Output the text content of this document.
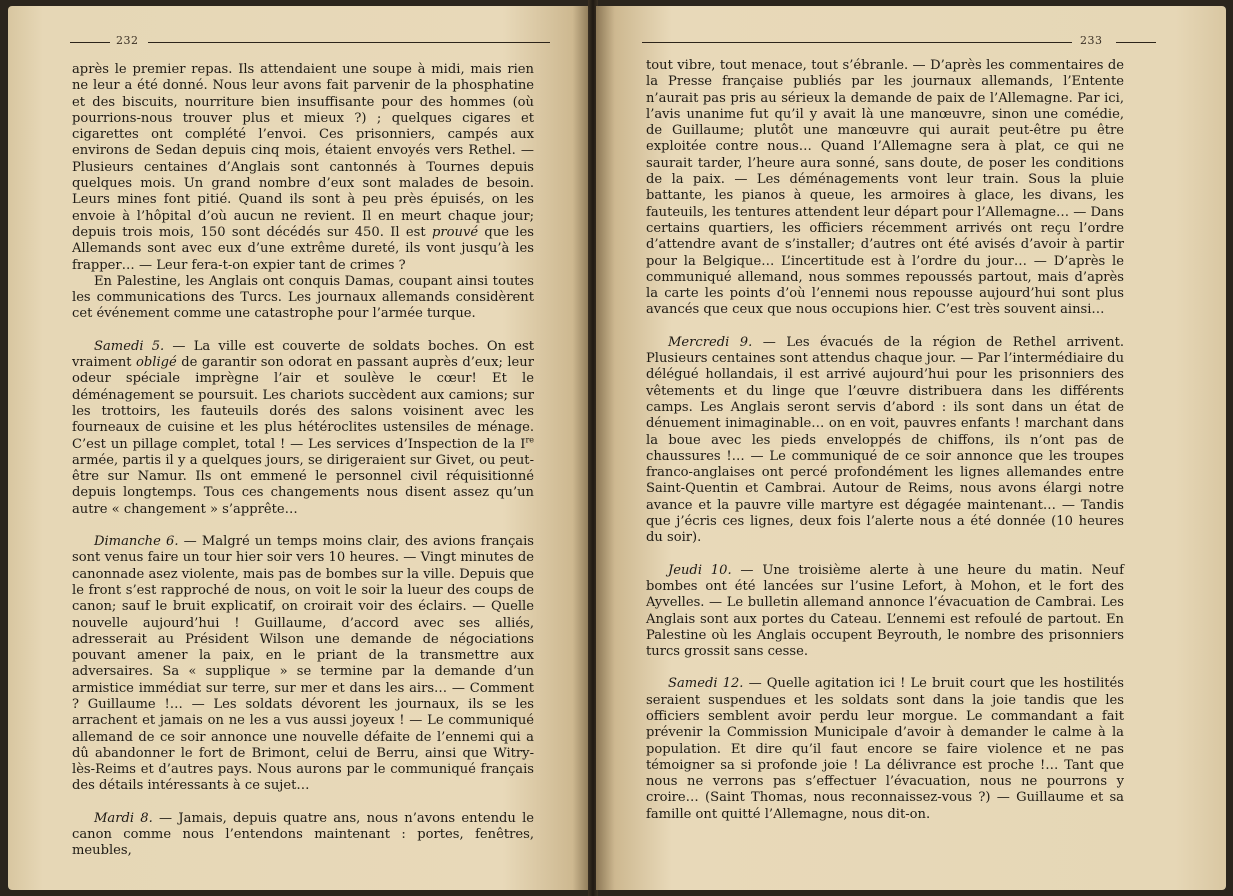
232

après le premier repas. Ils attendaient une soupe à midi, mais rien ne leur a été donné. Nous leur avons fait parvenir de la phosphatine et des biscuits, nourriture bien insuffisante pour des hommes (où pourrions-nous trouver plus et mieux ?) ; quelques cigares et cigarettes ont complété l’envoi. Ces prisonniers, campés aux environs de Sedan depuis cinq mois, étaient envoyés vers Rethel. — Plusieurs centaines d’Anglais sont cantonnés à Tournes depuis quelques mois. Un grand nombre d’eux sont malades de besoin. Leurs mines font pitié. Quand ils sont à peu près épuisés, on les envoie à l’hôpital d’où aucun ne revient. Il en meurt chaque jour; depuis trois mois, 150 sont décédés sur 450. Il est prouvé que les Allemands sont avec eux d’une extrême dureté, ils vont jusqu’à les frapper… — Leur fera-t-on expier tant de crimes ?

En Palestine, les Anglais ont conquis Damas, coupant ainsi toutes les communications des Turcs. Les journaux allemands considèrent cet événement comme une catastrophe pour l’armée turque.

Samedi 5. — La ville est couverte de soldats boches. On est vraiment obligé de garantir son odorat en passant auprès d’eux; leur odeur spéciale imprègne l’air et soulève le cœur! Et le déménagement se poursuit. Les chariots succèdent aux camions; sur les trottoirs, les fauteuils dorés des salons voisinent avec les fourneaux de cuisine et les plus hétéroclites ustensiles de ménage. C’est un pillage complet, total ! — Les services d’Inspection de la Ire armée, partis il y a quelques jours, se dirigeraient sur Givet, ou peut-être sur Namur. Ils ont emmené le personnel civil réquisitionné depuis longtemps. Tous ces changements nous disent assez qu’un autre « changement » s’apprête…

Dimanche 6. — Malgré un temps moins clair, des avions français sont venus faire un tour hier soir vers 10 heures. — Vingt minutes de canonnade asez violente, mais pas de bombes sur la ville. Depuis que le front s’est rapproché de nous, on voit le soir la lueur des coups de canon; sauf le bruit explicatif, on croirait voir des éclairs. — Quelle nouvelle aujourd’hui ! Guillaume, d’accord avec ses alliés, adresserait au Président Wilson une demande de négociations pouvant amener la paix, en le priant de la transmettre aux adversaires. Sa « supplique » se termine par la demande d’un armistice immédiat sur terre, sur mer et dans les airs… — Comment ? Guillaume !… — Les soldats dévorent les journaux, ils se les arrachent et jamais on ne les a vus aussi joyeux ! — Le communiqué allemand de ce soir annonce une nouvelle défaite de l’ennemi qui a dû abandonner le fort de Brimont, celui de Berru, ainsi que Witry-lès-Reims et d’autres pays. Nous aurons par le communiqué français des détails intéressants à ce sujet…

Mardi 8. — Jamais, depuis quatre ans, nous n’avons entendu le canon comme nous l’entendons maintenant : portes, fenêtres, meubles,

233

tout vibre, tout menace, tout s’ébranle. — D’après les commentaires de la Presse française publiés par les journaux allemands, l’Entente n’aurait pas pris au sérieux la demande de paix de l’Allemagne. Par ici, l’avis unanime fut qu’il y avait là une manœuvre, sinon une comédie, de Guillaume; plutôt une manœuvre qui aurait peut-être pu être exploitée contre nous… Quand l’Allemagne sera à plat, ce qui ne saurait tarder, l’heure aura sonné, sans doute, de poser les conditions de la paix. — Les déménagements vont leur train. Sous la pluie battante, les pianos à queue, les armoires à glace, les divans, les fauteuils, les tentures attendent leur départ pour l’Allemagne… — Dans certains quartiers, les officiers récemment arrivés ont reçu l’ordre d’attendre avant de s’installer; d’autres ont été avisés d’avoir à partir pour la Belgique… L’incertitude est à l’ordre du jour… — D’après le communiqué allemand, nous sommes repoussés partout, mais d’après la carte les points d’où l’ennemi nous repousse aujourd’hui sont plus avancés que ceux que nous occupions hier. C’est très souvent ainsi…

Mercredi 9. — Les évacués de la région de Rethel arrivent. Plusieurs centaines sont attendus chaque jour. — Par l’intermédiaire du délégué hollandais, il est arrivé aujourd’hui pour les prisonniers des vêtements et du linge que l’œuvre distribuera dans les différents camps. Les Anglais seront servis d’abord : ils sont dans un état de dénuement inimaginable… on en voit, pauvres enfants ! marchant dans la boue avec les pieds enveloppés de chiffons, ils n’ont pas de chaussures !… — Le communiqué de ce soir annonce que les troupes franco-anglaises ont percé profondément les lignes allemandes entre Saint-Quentin et Cambrai. Autour de Reims, nous avons élargi notre avance et la pauvre ville martyre est dégagée maintenant… — Tandis que j’écris ces lignes, deux fois l’alerte nous a été donnée (10 heures du soir).

Jeudi 10. — Une troisième alerte à une heure du matin. Neuf bombes ont été lancées sur l’usine Lefort, à Mohon, et le fort des Ayvelles. — Le bulletin allemand annonce l’évacuation de Cambrai. Les Anglais sont aux portes du Cateau. L’ennemi est refoulé de partout. En Palestine où les Anglais occupent Beyrouth, le nombre des prisonniers turcs grossit sans cesse.

Samedi 12. — Quelle agitation ici ! Le bruit court que les hostilités seraient suspendues et les soldats sont dans la joie tandis que les officiers semblent avoir perdu leur morgue. Le commandant a fait prévenir la Commission Municipale d’avoir à demander le calme à la population. Et dire qu’il faut encore se faire violence et ne pas témoigner sa si profonde joie ! La délivrance est proche !… Tant que nous ne verrons pas s’effectuer l’évacuation, nous ne pourrons y croire… (Saint Thomas, nous reconnaissez-vous ?) — Guillaume et sa famille ont quitté l’Allemagne, nous dit-on.
